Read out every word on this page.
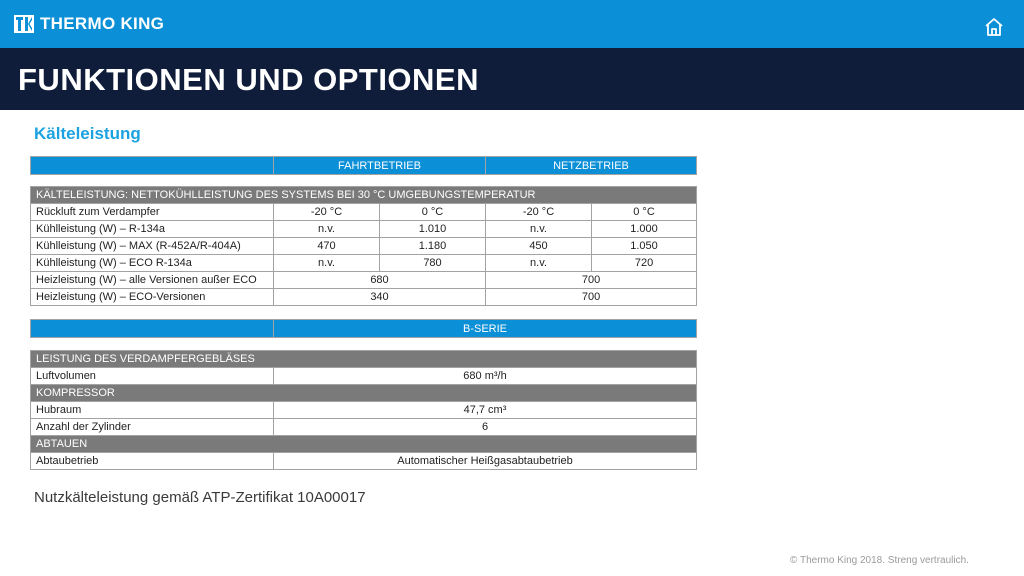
THERMO KING
FUNKTIONEN UND OPTIONEN
Kälteleistung
	FAHRTBETRIEB	NETZBETRIEB
KÄLTELEISTUNG: NETTOKÜHLLEISTUNG DES SYSTEMS BEI 30 °C UMGEBUNGSTEMPERATUR				
Rückluft zum Verdampfer	-20 °C	0 °C	-20 °C	0 °C
Kühlleistung (W) – R-134a	n.v.	1.010	n.v.	1.000
Kühlleistung (W) – MAX (R-452A/R-404A)	470	1.180	450	1.050
Kühlleistung (W) – ECO R-134a	n.v.	780	n.v.	720
Heizleistung (W) – alle Versionen außer ECO	680		700	
Heizleistung (W) – ECO-Versionen	340		700	
	B-SERIE
LEISTUNG DES VERDAMPFERGEBLÄSES	
Luftvolumen	680 m³/h
KOMPRESSOR	
Hubraum	47,7 cm³
Anzahl der Zylinder	6
ABTAUEN	
Abtaubetrieb	Automatischer Heißgasabtaubetrieb
Nutzkälteleistung gemäß ATP-Zertifikat 10A00017
© Thermo King 2018. Streng vertraulich.
